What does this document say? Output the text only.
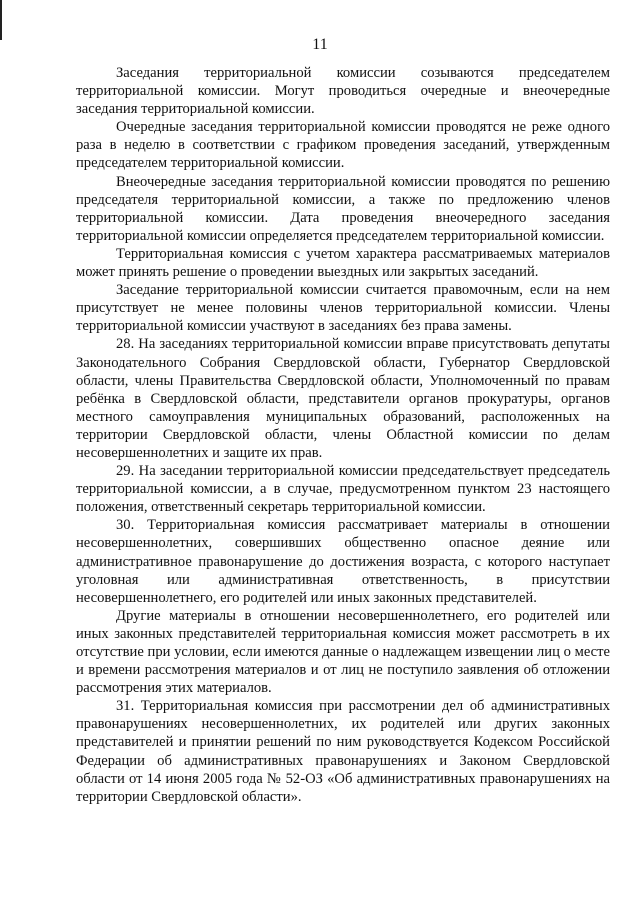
11

Заседания территориальной комиссии созываются председателем территориальной комиссии. Могут проводиться очередные и внеочередные заседания территориальной комиссии.

Очередные заседания территориальной комиссии проводятся не реже одного раза в неделю в соответствии с графиком проведения заседаний, утвержденным председателем территориальной комиссии.

Внеочередные заседания территориальной комиссии проводятся по решению председателя территориальной комиссии, а также по предложению членов территориальной комиссии. Дата проведения внеочередного заседания территориальной комиссии определяется председателем территориальной комиссии.

Территориальная комиссия с учетом характера рассматриваемых материалов может принять решение о проведении выездных или закрытых заседаний.

Заседание территориальной комиссии считается правомочным, если на нем присутствует не менее половины членов территориальной комиссии. Члены территориальной комиссии участвуют в заседаниях без права замены.

28. На заседаниях территориальной комиссии вправе присутствовать депутаты Законодательного Собрания Свердловской области, Губернатор Свердловской области, члены Правительства Свердловской области, Уполномоченный по правам ребёнка в Свердловской области, представители органов прокуратуры, органов местного самоуправления муниципальных образований, расположенных на территории Свердловской области, члены Областной комиссии по делам несовершеннолетних и защите их прав.

29. На заседании территориальной комиссии председательствует председатель территориальной комиссии, а в случае, предусмотренном пунктом 23 настоящего положения, ответственный секретарь территориальной комиссии.

30. Территориальная комиссия рассматривает материалы в отношении несовершеннолетних, совершивших общественно опасное деяние или административное правонарушение до достижения возраста, с которого наступает уголовная или административная ответственность, в присутствии несовершеннолетнего, его родителей или иных законных представителей.

Другие материалы в отношении несовершеннолетнего, его родителей или иных законных представителей территориальная комиссия может рассмотреть в их отсутствие при условии, если имеются данные о надлежащем извещении лиц о месте и времени рассмотрения материалов и от лиц не поступило заявления об отложении рассмотрения этих материалов.

31. Территориальная комиссия при рассмотрении дел об административных правонарушениях несовершеннолетних, их родителей или других законных представителей и принятии решений по ним руководствуется Кодексом Российской Федерации об административных правонарушениях и Законом Свердловской области от 14 июня 2005 года № 52-ОЗ «Об административных правонарушениях на территории Свердловской области».
